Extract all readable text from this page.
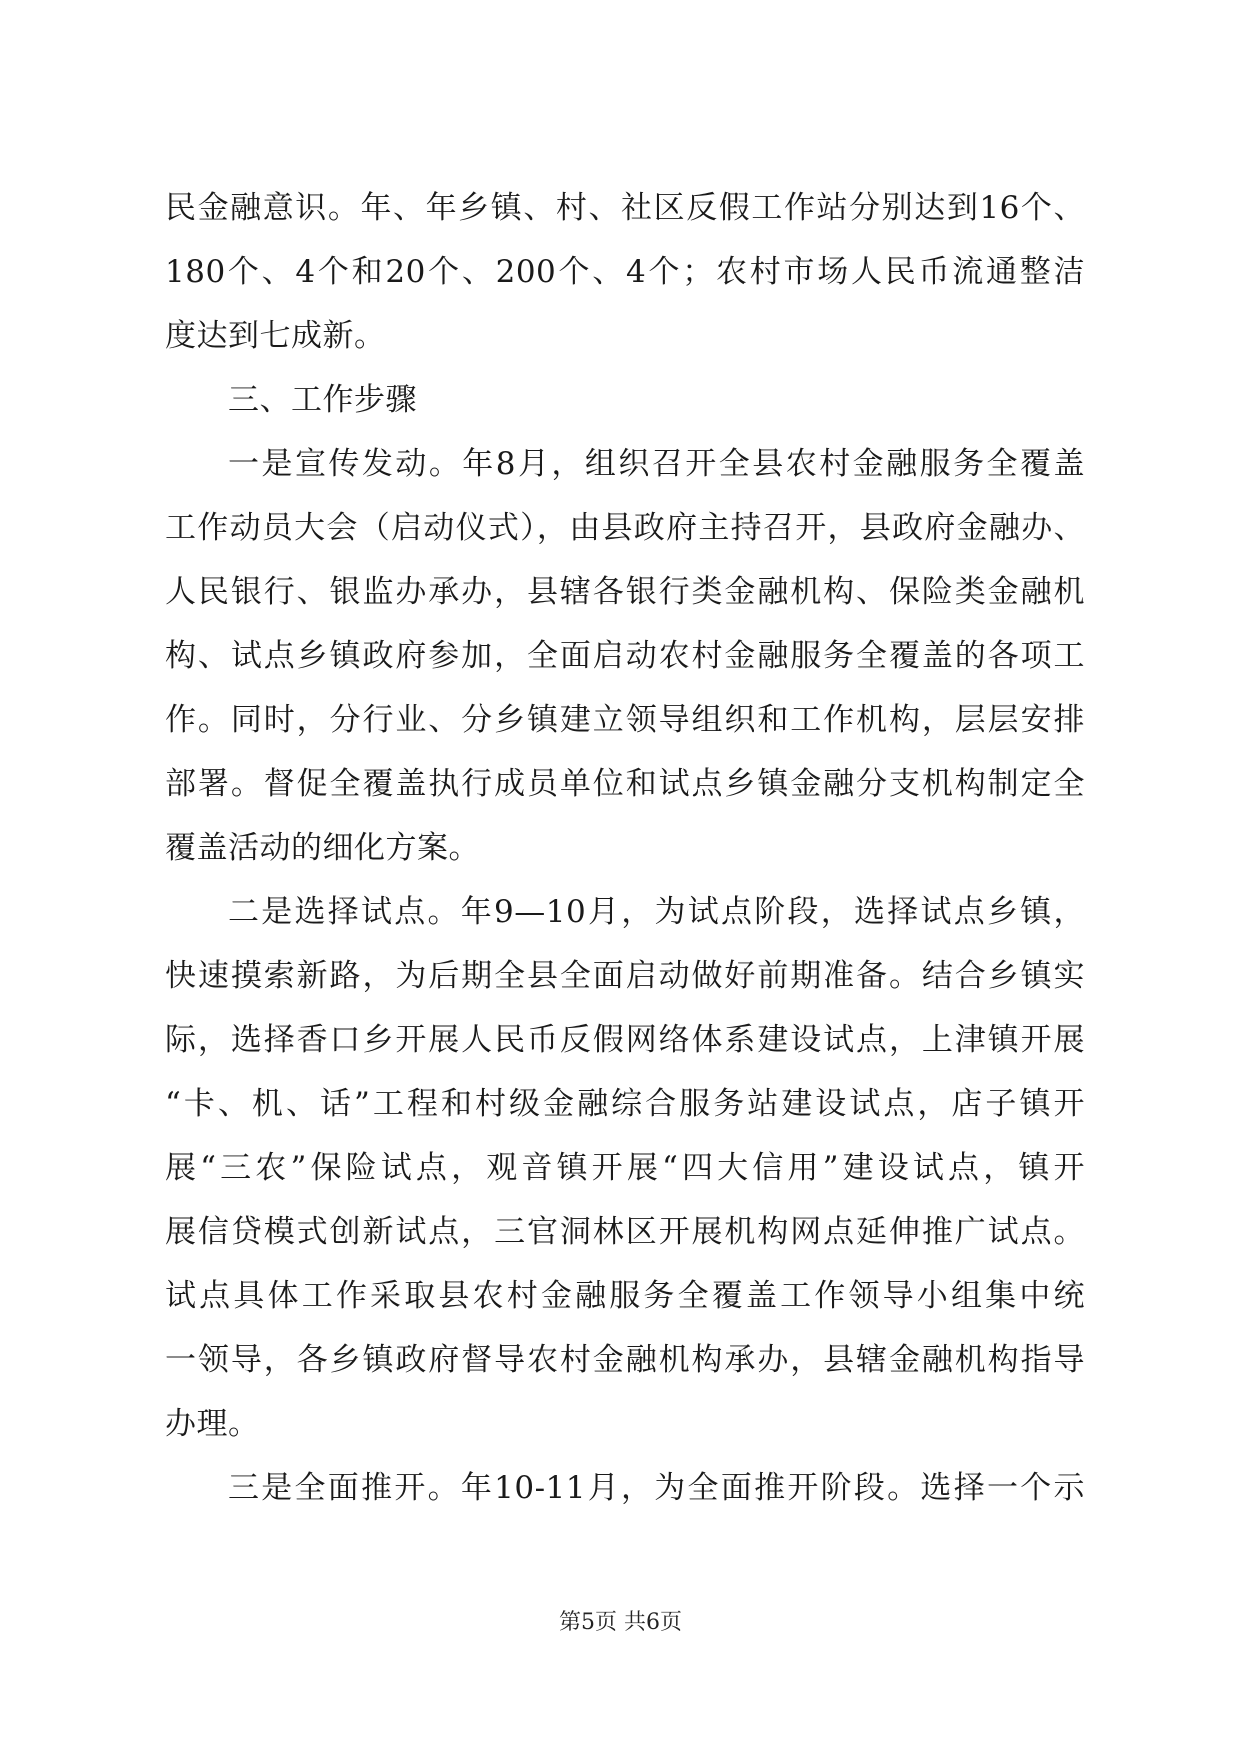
民金融意识。年、年乡镇、村、社区反假工作站分别达到16个、
180个、4个和20个、200个、4个；农村市场人民币流通整洁
度达到七成新。
三、工作步骤
一是宣传发动。年8月，组织召开全县农村金融服务全覆盖
工作动员大会（启动仪式），由县政府主持召开，县政府金融办、
人民银行、银监办承办，县辖各银行类金融机构、保险类金融机
构、试点乡镇政府参加，全面启动农村金融服务全覆盖的各项工
作。同时，分行业、分乡镇建立领导组织和工作机构，层层安排
部署。督促全覆盖执行成员单位和试点乡镇金融分支机构制定全
覆盖活动的细化方案。
二是选择试点。年9—10月，为试点阶段，选择试点乡镇，
快速摸索新路，为后期全县全面启动做好前期准备。结合乡镇实
际，选择香口乡开展人民币反假网络体系建设试点，上津镇开展
“卡、机、话”工程和村级金融综合服务站建设试点，店子镇开
展“三农”保险试点，观音镇开展“四大信用”建设试点，镇开
展信贷模式创新试点，三官洞林区开展机构网点延伸推广试点。
试点具体工作采取县农村金融服务全覆盖工作领导小组集中统
一领导，各乡镇政府督导农村金融机构承办，县辖金融机构指导
办理。
三是全面推开。年10-11月，为全面推开阶段。选择一个示
第5页 共6页
